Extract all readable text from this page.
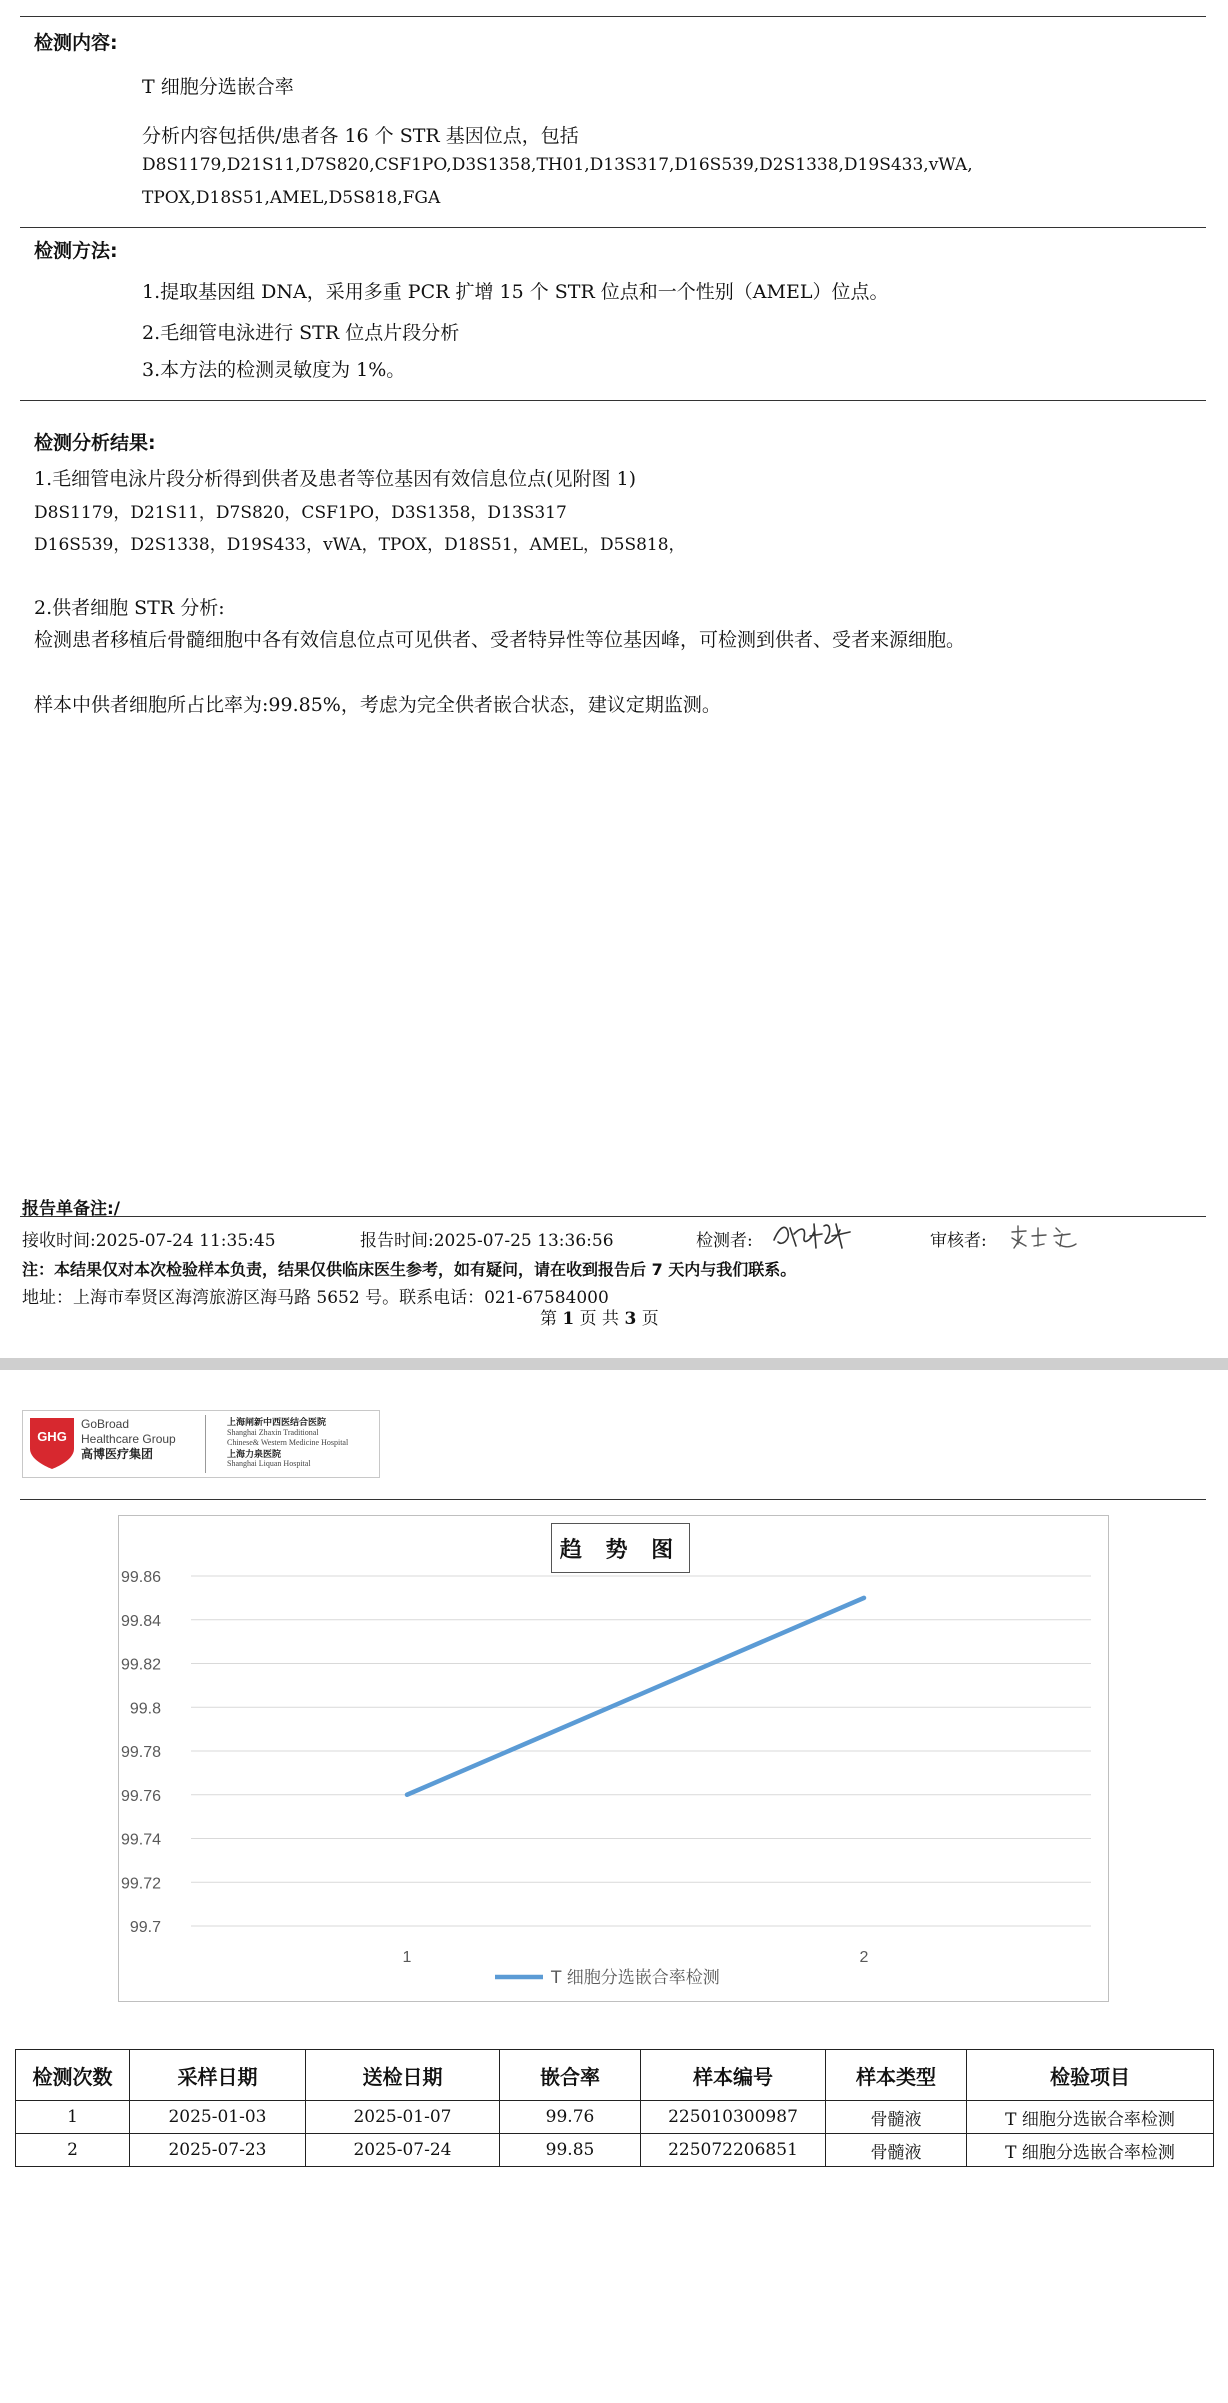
检测内容:
T 细胞分选嵌合率
分析内容包括供/患者各 16 个 STR 基因位点，包括
D8S1179,D21S11,D7S820,CSF1PO,D3S1358,TH01,D13S317,D16S539,D2S1338,D19S433,vWA,
TPOX,D18S51,AMEL,D5S818,FGA
检测方法:
1.提取基因组 DNA，采用多重 PCR 扩增 15 个 STR 位点和一个性别（AMEL）位点。
2.毛细管电泳进行 STR 位点片段分析
3.本方法的检测灵敏度为 1%。
检测分析结果:
1.毛细管电泳片段分析得到供者及患者等位基因有效信息位点(见附图 1)
D8S1179，D21S11，D7S820，CSF1PO，D3S1358，D13S317
D16S539，D2S1338，D19S433，vWA，TPOX，D18S51，AMEL，D5S818，
2.供者细胞 STR 分析:
检测患者移植后骨髓细胞中各有效信息位点可见供者、受者特异性等位基因峰，可检测到供者、受者来源细胞。
样本中供者细胞所占比率为:99.85%，考虑为完全供者嵌合状态，建议定期监测。
报告单备注:/
接收时间:2025-07-24 11:35:45	报告时间:2025-07-25 13:36:56	检测者:	审核者:
注：本结果仅对本次检验样本负责，结果仅供临床医生参考，如有疑问，请在收到报告后 7 天内与我们联系。
地址：上海市奉贤区海湾旅游区海马路 5652 号。联系电话：021-67584000
第 1 页 共 3 页
GHG
GoBroad
Healthcare Group
高博医疗集团
上海闸新中西医结合医院
Shanghai Zhaxin Traditional
Chinese& Western Medicine Hospital
上海力泉医院
Shanghai Liquan Hospital
趋 势 图
99.86
99.84
99.82
99.8
99.78
99.76
99.74
99.72
99.7
1	2
T 细胞分选嵌合率检测
检测次数	采样日期	送检日期	嵌合率	样本编号	样本类型	检验项目
1	2025-01-03	2025-01-07	99.76	225010300987	骨髓液	T 细胞分选嵌合率检测
2	2025-07-23	2025-07-24	99.85	225072206851	骨髓液	T 细胞分选嵌合率检测
